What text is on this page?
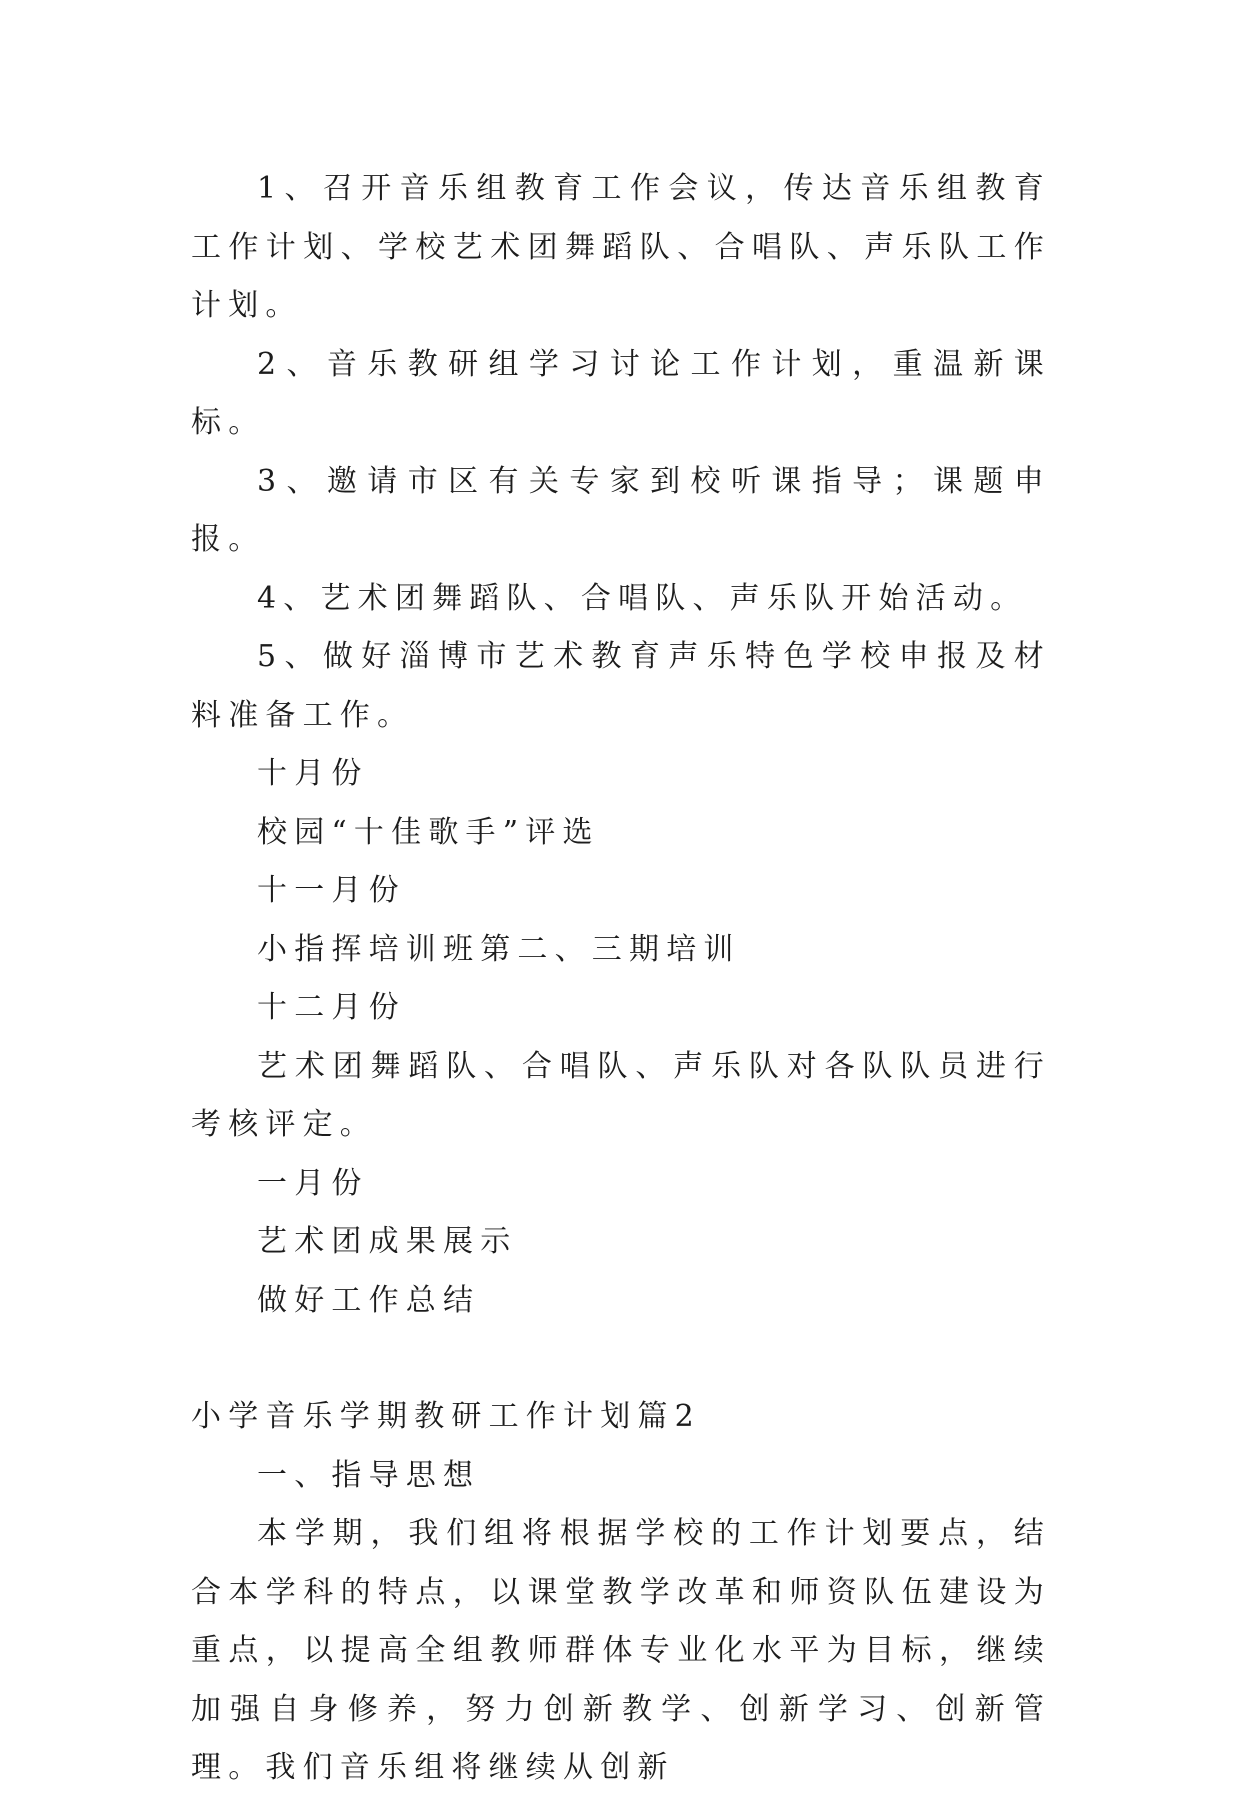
1、召开音乐组教育工作会议，传达音乐组教育工作计划、学校艺术团舞蹈队、合唱队、声乐队工作计划。

2、音乐教研组学习讨论工作计划，重温新课标。

3、邀请市区有关专家到校听课指导；课题申报。

4、艺术团舞蹈队、合唱队、声乐队开始活动。

5、做好淄博市艺术教育声乐特色学校申报及材料准备工作。

十月份

校园“十佳歌手”评选

十一月份

小指挥培训班第二、三期培训

十二月份

艺术团舞蹈队、合唱队、声乐队对各队队员进行考核评定。

一月份

艺术团成果展示

做好工作总结

小学音乐学期教研工作计划篇2

一、指导思想

本学期，我们组将根据学校的工作计划要点，结合本学科的特点，以课堂教学改革和师资队伍建设为重点，以提高全组教师群体专业化水平为目标，继续加强自身修养，努力创新教学、创新学习、创新管理。我们音乐组将继续从创新
